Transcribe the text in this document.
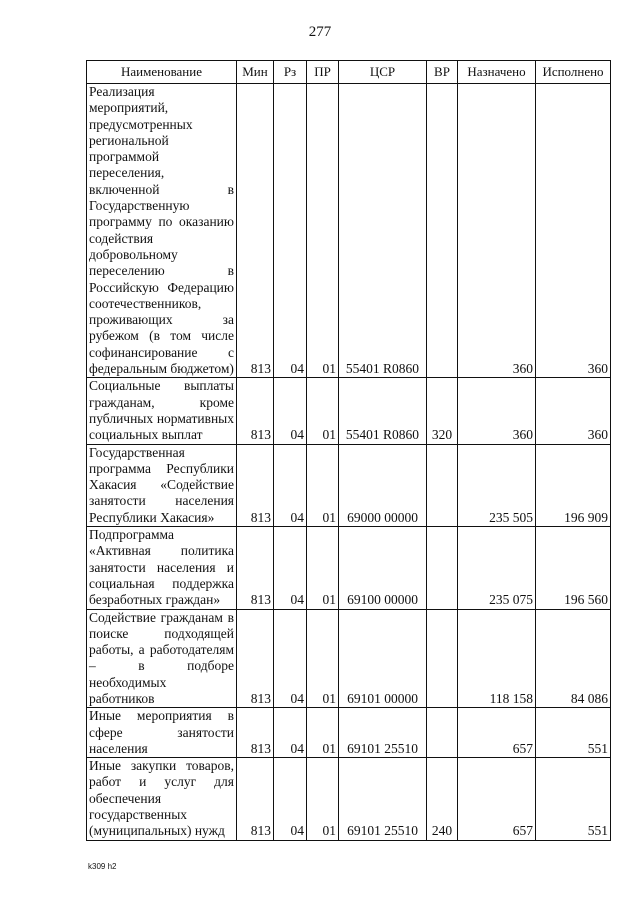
277
Наименование	Мин	Рз	ПР	ЦСР	ВР	Назначено	Исполнено
Реализация мероприятий, предусмотренных региональной программой переселения, включенной в Государственную программу по оказанию содействия добровольному переселению в Российскую Федерацию соотечественников, проживающих за рубежом (в том числе софинансирование с федеральным бюджетом)	813	04	01	55401 R0860		360	360
Социальные выплаты гражданам, кроме публичных нормативных социальных выплат	813	04	01	55401 R0860	320	360	360
Государственная программа Республики Хакасия «Содействие занятости населения Республики Хакасия»	813	04	01	69000 00000		235 505	196 909
Подпрограмма «Активная политика занятости населения и социальная поддержка безработных граждан»	813	04	01	69100 00000		235 075	196 560
Содействие гражданам в поиске подходящей работы, а работодателям – в подборе необходимых работников	813	04	01	69101 00000		118 158	84 086
Иные мероприятия в сфере занятости населения	813	04	01	69101 25510		657	551
Иные закупки товаров, работ и услуг для обеспечения государственных (муниципальных) нужд	813	04	01	69101 25510	240	657	551
k309 h2
